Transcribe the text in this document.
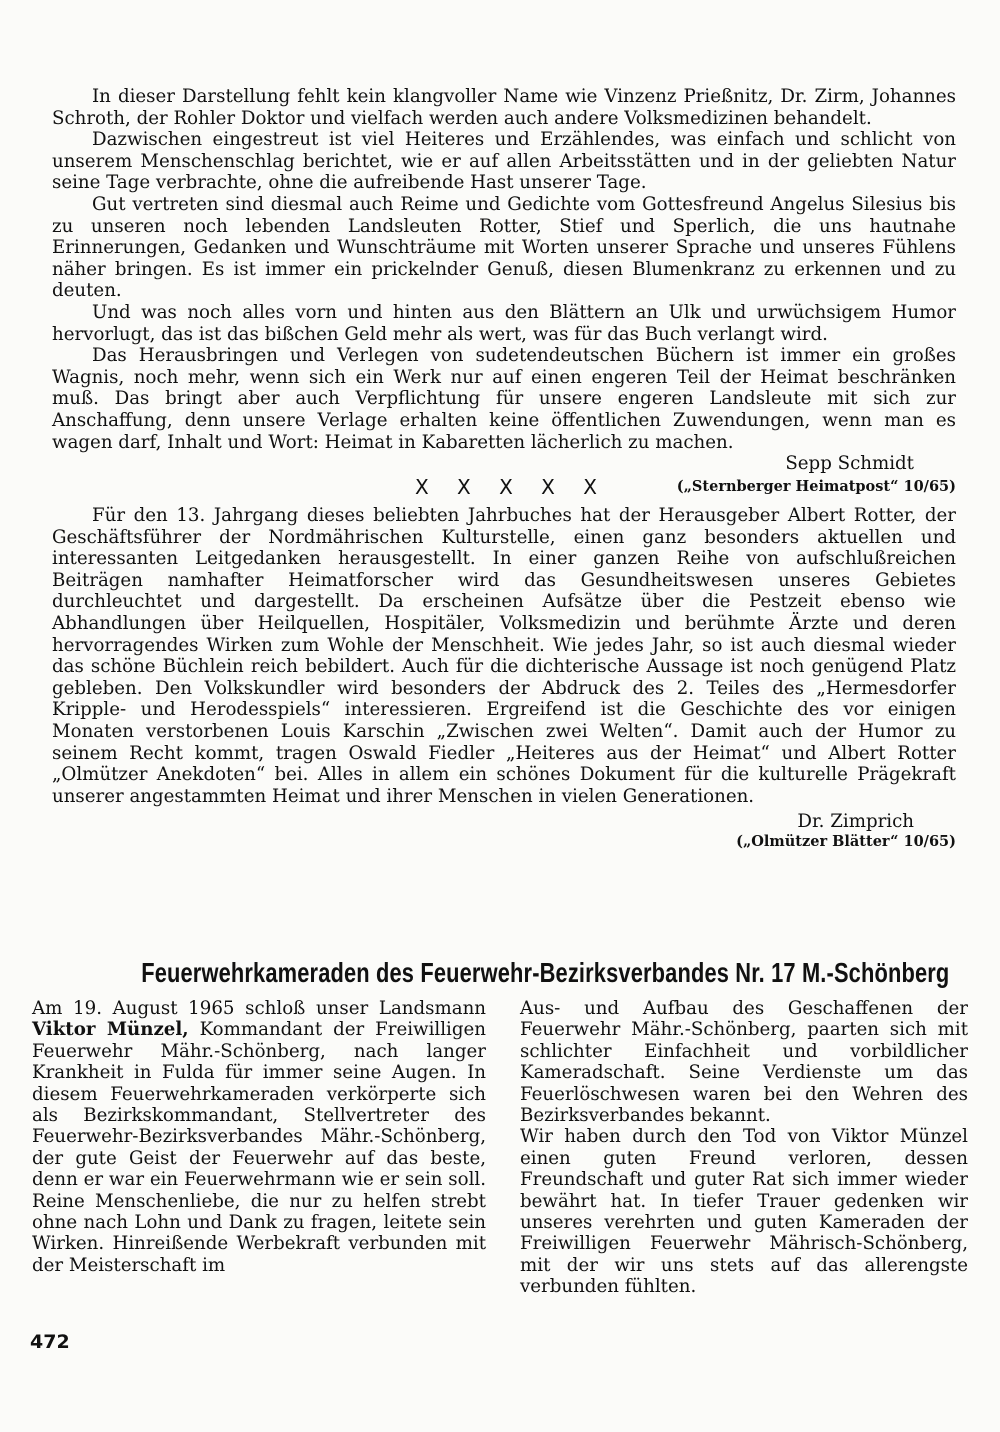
In dieser Darstellung fehlt kein klangvoller Name wie Vinzenz Prießnitz, Dr. Zirm, Johannes Schroth, der Rohler Doktor und vielfach werden auch andere Volksmedizinen behandelt.

Dazwischen eingestreut ist viel Heiteres und Erzählendes, was einfach und schlicht von unserem Menschenschlag berichtet, wie er auf allen Arbeitsstätten und in der geliebten Natur seine Tage verbrachte, ohne die aufreibende Hast unserer Tage.

Gut vertreten sind diesmal auch Reime und Gedichte vom Gottesfreund Angelus Silesius bis zu unseren noch lebenden Landsleuten Rotter, Stief und Sperlich, die uns hautnahe Erinnerungen, Gedanken und Wunschträume mit Worten unserer Sprache und unseres Fühlens näher bringen. Es ist immer ein prickelnder Genuß, diesen Blumenkranz zu erkennen und zu deuten.

Und was noch alles vorn und hinten aus den Blättern an Ulk und urwüchsigem Humor hervorlugt, das ist das bißchen Geld mehr als wert, was für das Buch verlangt wird.

Das Herausbringen und Verlegen von sudetendeutschen Büchern ist immer ein großes Wagnis, noch mehr, wenn sich ein Werk nur auf einen engeren Teil der Heimat beschränken muß. Das bringt aber auch Verpflichtung für unsere engeren Landsleute mit sich zur Anschaffung, denn unsere Verlage erhalten keine öffentlichen Zuwendungen, wenn man es wagen darf, Inhalt und Wort: Heimat in Kabaretten lächerlich zu machen.

Sepp Schmidt

X X X X X	(„Sternberger Heimatpost“ 10/65)

Für den 13. Jahrgang dieses beliebten Jahrbuches hat der Herausgeber Albert Rotter, der Geschäftsführer der Nordmährischen Kulturstelle, einen ganz besonders aktuellen und interessanten Leitgedanken herausgestellt. In einer ganzen Reihe von aufschlußreichen Beiträgen namhafter Heimatforscher wird das Gesundheitswesen unseres Gebietes durchleuchtet und dargestellt. Da erscheinen Aufsätze über die Pestzeit ebenso wie Abhandlungen über Heilquellen, Hospitäler, Volksmedizin und berühmte Ärzte und deren hervorragendes Wirken zum Wohle der Menschheit. Wie jedes Jahr, so ist auch diesmal wieder das schöne Büchlein reich bebildert. Auch für die dichterische Aussage ist noch genügend Platz gebleben. Den Volkskundler wird besonders der Abdruck des 2. Teiles des „Hermesdorfer Kripple- und Herodesspiels“ interessieren. Ergreifend ist die Geschichte des vor einigen Monaten verstorbenen Louis Karschin „Zwischen zwei Welten“. Damit auch der Humor zu seinem Recht kommt, tragen Oswald Fiedler „Heiteres aus der Heimat“ und Albert Rotter „Olmützer Anekdoten“ bei. Alles in allem ein schönes Dokument für die kulturelle Prägekraft unserer angestammten Heimat und ihrer Menschen in vielen Generationen.

Dr. Zimprich

(„Olmützer Blätter“ 10/65)

Feuerwehrkameraden des Feuerwehr-Bezirksverbandes Nr. 17 M.-Schönberg

Am 19. August 1965 schloß unser Landsmann Viktor Münzel, Kommandant der Freiwilligen Feuerwehr Mähr.-Schönberg, nach langer Krankheit in Fulda für immer seine Augen. In diesem Feuerwehrkameraden verkörperte sich als Bezirkskommandant, Stellvertreter des Feuerwehr-Bezirksverbandes Mähr.-Schönberg, der gute Geist der Feuerwehr auf das beste, denn er war ein Feuerwehrmann wie er sein soll. Reine Menschenliebe, die nur zu helfen strebt ohne nach Lohn und Dank zu fragen, leitete sein Wirken. Hinreißende Werbekraft verbunden mit der Meisterschaft im

Aus- und Aufbau des Geschaffenen der Feuerwehr Mähr.-Schönberg, paarten sich mit schlichter Einfachheit und vorbildlicher Kameradschaft. Seine Verdienste um das Feuerlöschwesen waren bei den Wehren des Bezirksverbandes bekannt.

Wir haben durch den Tod von Viktor Münzel einen guten Freund verloren, dessen Freundschaft und guter Rat sich immer wieder bewährt hat. In tiefer Trauer gedenken wir unseres verehrten und guten Kameraden der Freiwilligen Feuerwehr Mährisch-Schönberg, mit der wir uns stets auf das allerengste verbunden fühlten.

472
